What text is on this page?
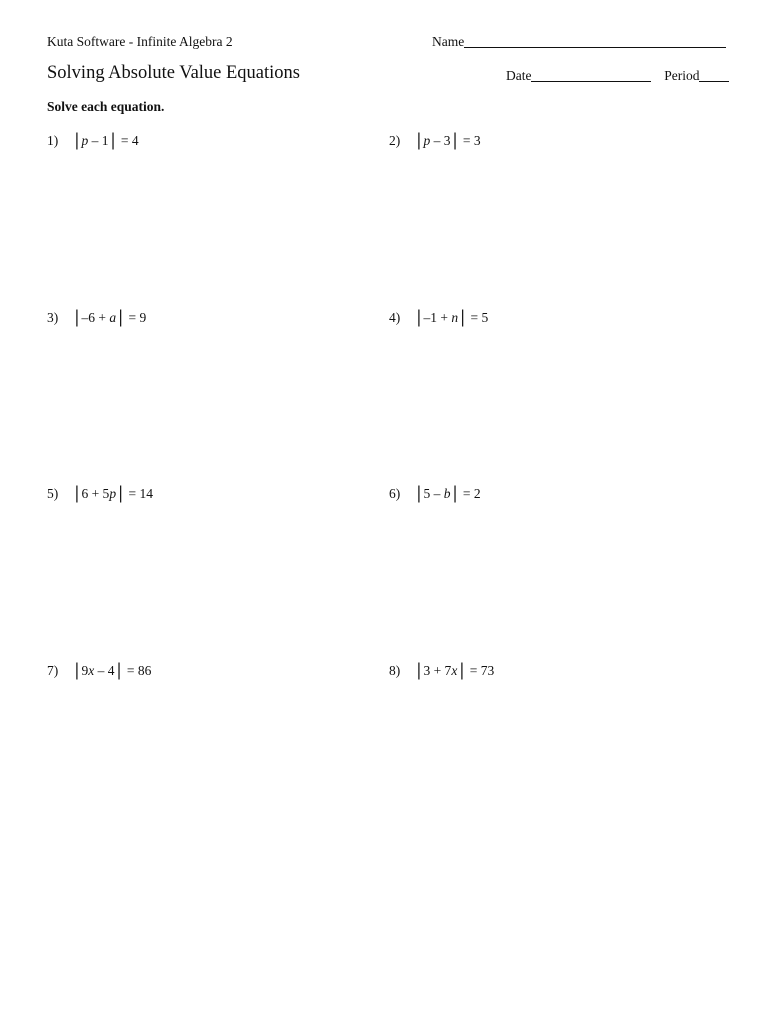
Kuta Software - Infinite Algebra 2	Name
Solving Absolute Value Equations	Date	Period
Solve each equation.
1) | p – 1 | = 4	2) | p – 3 | = 3
3) | –6 + a | = 9	4) | –1 + n | = 5
5) | 6 + 5p | = 14	6) | 5 – b | = 2
7) | 9x – 4 | = 86	8) | 3 + 7x | = 73
